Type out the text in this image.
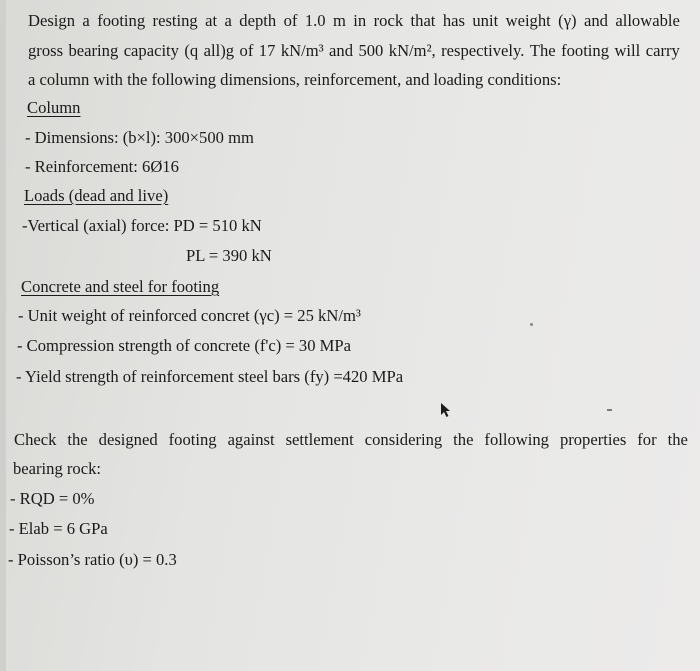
Design a footing resting at a depth of 1.0 m in rock that has unit weight (γ) and allowable
gross bearing capacity (q all)g of 17 kN/m³ and 500 kN/m², respectively. The footing will carry
a column with the following dimensions, reinforcement, and loading conditions:
Column
- Dimensions: (b×l): 300×500 mm
- Reinforcement: 6Ø16
Loads (dead and live)
-Vertical (axial) force: PD = 510 kN
PL = 390 kN
Concrete and steel for footing
- Unit weight of reinforced concret (γc) = 25 kN/m³
- Compression strength of concrete (f'c) = 30 MPa
- Yield strength of reinforcement steel bars (fy) =420 MPa
Check the designed footing against settlement considering the following properties for the
bearing rock:
- RQD = 0%
- Elab = 6 GPa
- Poisson’s ratio (υ) = 0.3
